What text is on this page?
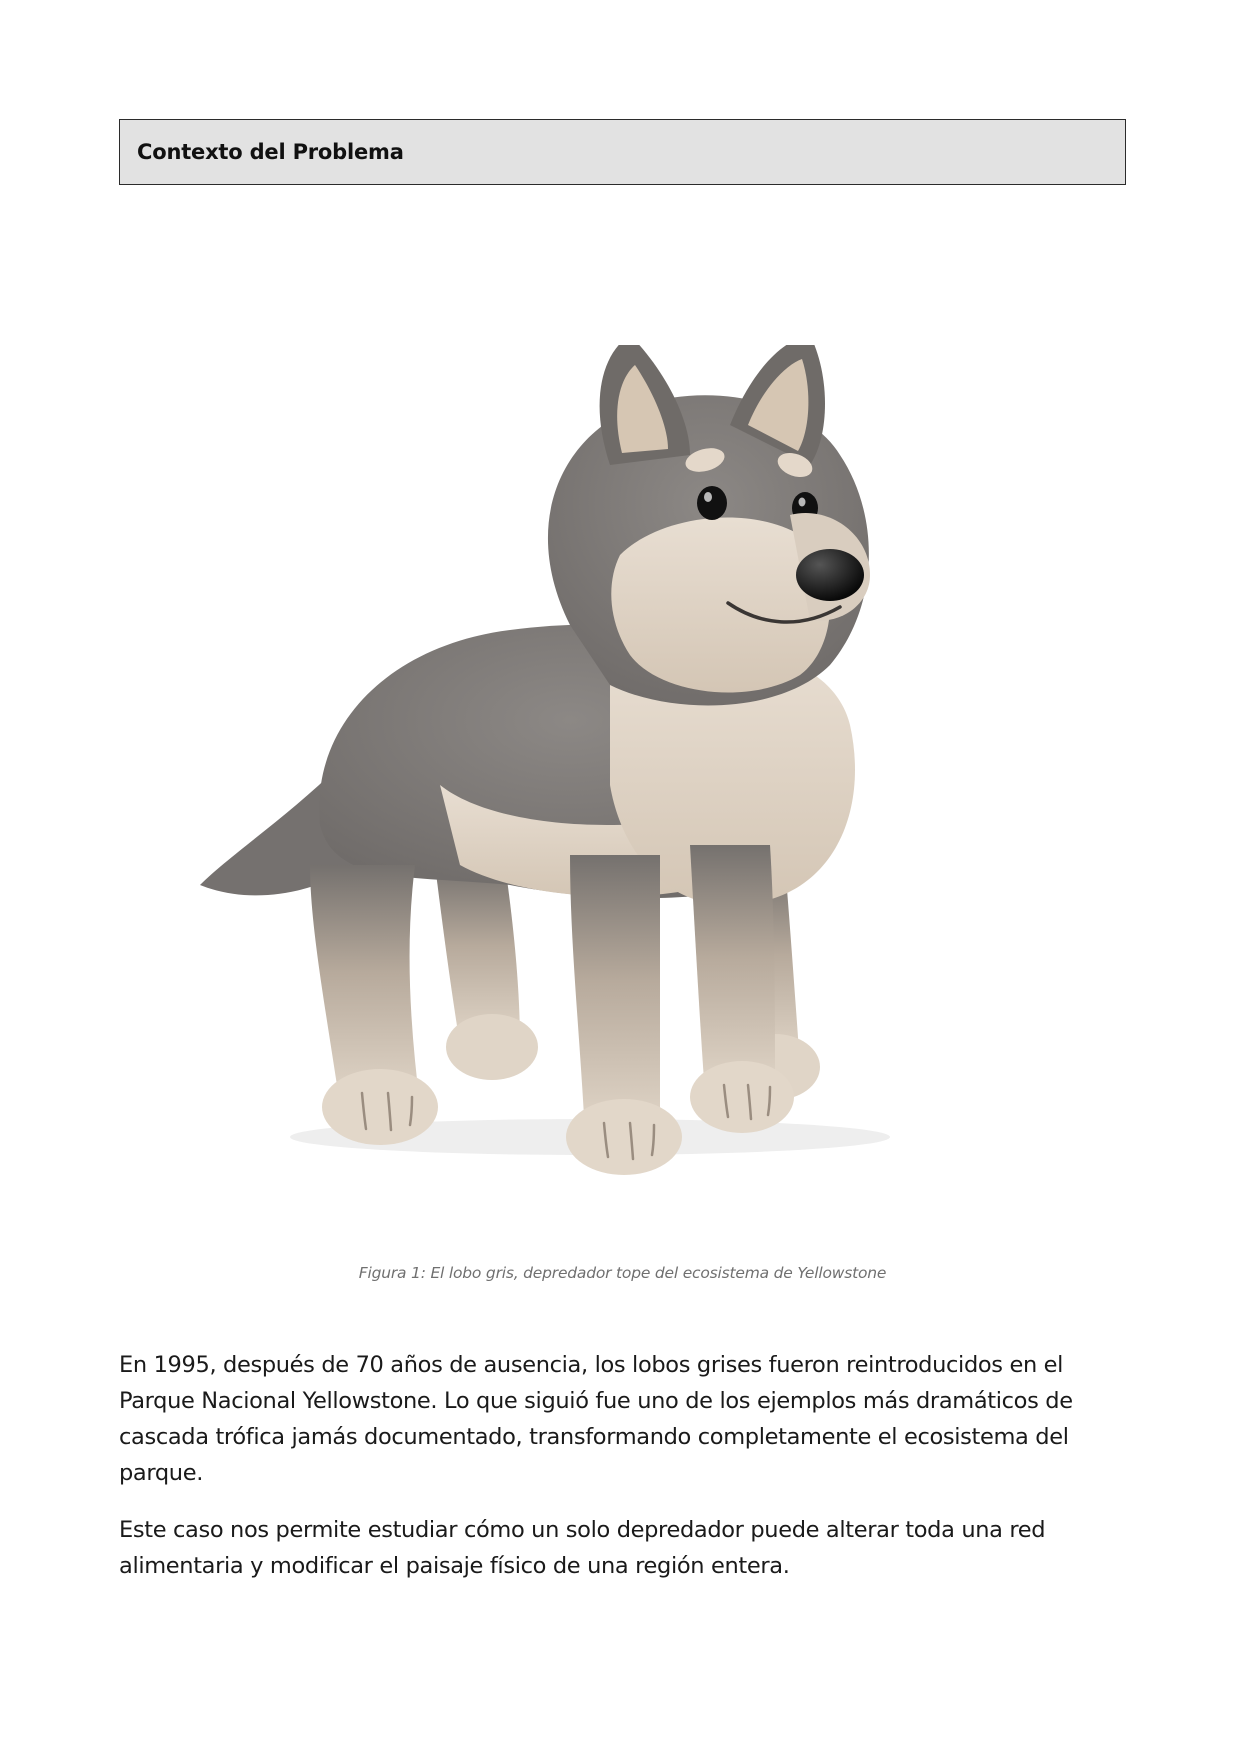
Contexto del Problema
Figura 1: El lobo gris, depredador tope del ecosistema de Yellowstone

En 1995, después de 70 años de ausencia, los lobos grises fueron reintroducidos en el Parque Nacional Yellowstone. Lo que siguió fue uno de los ejemplos más dramáticos de cascada trófica jamás documentado, transformando completamente el ecosistema del parque.

Este caso nos permite estudiar cómo un solo depredador puede alterar toda una red alimentaria y modificar el paisaje físico de una región entera.
